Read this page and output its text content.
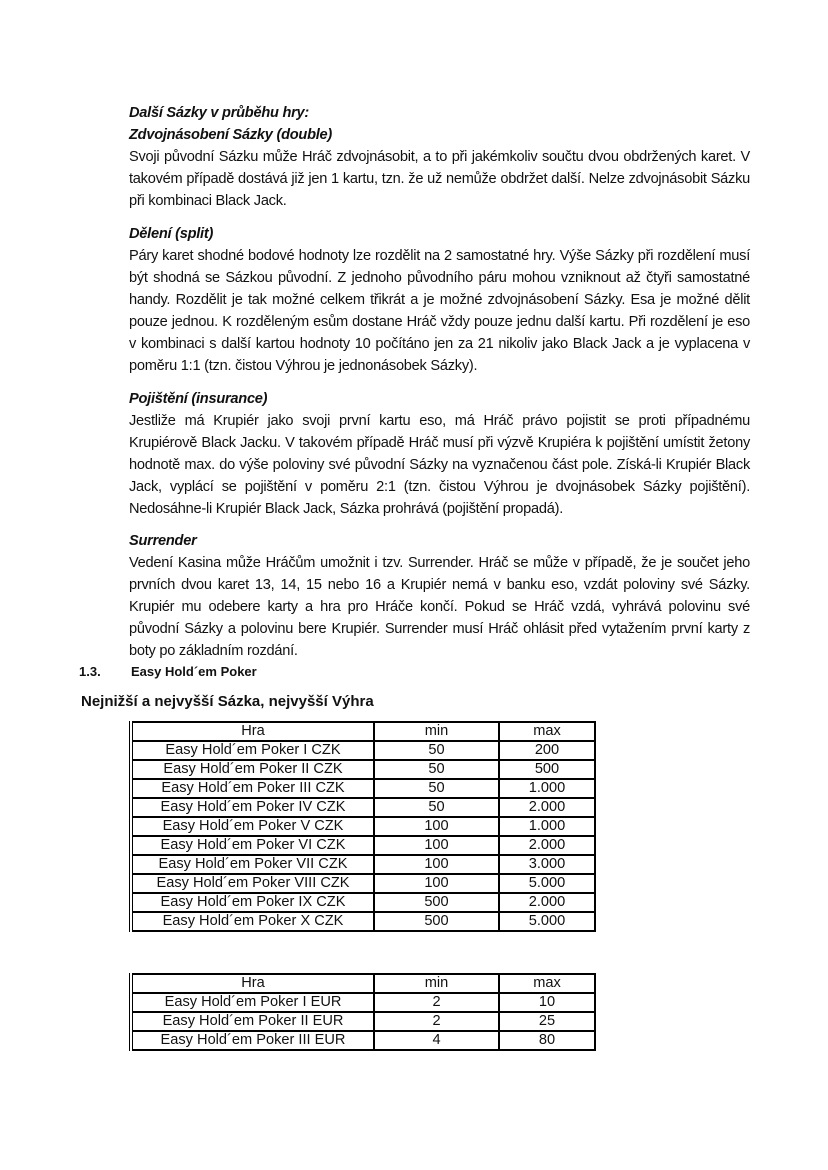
Další Sázky v průběhu hry:

Zdvojnásobení Sázky (double)

Svoji původní Sázku může Hráč zdvojnásobit, a to při jakémkoliv součtu dvou obdržených karet. V takovém případě dostává již jen 1 kartu, tzn. že už nemůže obdržet další. Nelze zdvojnásobit Sázku při kombinaci Black Jack.

Dělení (split)

Páry karet shodné bodové hodnoty lze rozdělit na 2 samostatné hry. Výše Sázky při rozdělení musí být shodná se Sázkou původní. Z jednoho původního páru mohou vzniknout až čtyři samostatné handy. Rozdělit je tak možné celkem třikrát a je možné zdvojnásobení Sázky. Esa je možné dělit pouze jednou. K rozděleným esům dostane Hráč vždy pouze jednu další kartu. Při rozdělení je eso v kombinaci s další kartou hodnoty 10 počítáno jen za 21 nikoliv jako Black Jack a je vyplacena v poměru 1:1 (tzn. čistou Výhrou je jednonásobek Sázky).

Pojištění (insurance)

Jestliže má Krupiér jako svoji první kartu eso, má Hráč právo pojistit se proti případnému Krupiérově Black Jacku. V takovém případě Hráč musí při výzvě Krupiéra k pojištění umístit žetony hodnotě max. do výše poloviny své původní Sázky na vyznačenou část pole. Získá-li Krupiér Black Jack, vyplácí se pojištění v poměru 2:1 (tzn. čistou Výhrou je dvojnásobek Sázky pojištění). Nedosáhne-li Krupiér Black Jack, Sázka prohrává (pojištění propadá).

Surrender

Vedení Kasina může Hráčům umožnit i tzv. Surrender. Hráč se může v případě, že je součet jeho prvních dvou karet 13, 14, 15 nebo 16 a Krupiér nemá v banku eso, vzdát poloviny své Sázky. Krupiér mu odebere karty a hra pro Hráče končí. Pokud se Hráč vzdá, vyhrává polovinu své původní Sázky a polovinu bere Krupiér. Surrender musí Hráč ohlásit před vytažením první karty z boty po základním rozdání.

1.3. Easy Hold´em Poker
Nejnižší a nejvyšší Sázka, nejvyšší Výhra
Hra	min	max
Easy Hold´em Poker I CZK	50	200
Easy Hold´em Poker II CZK	50	500
Easy Hold´em Poker III CZK	50	1.000
Easy Hold´em Poker IV CZK	50	2.000
Easy Hold´em Poker V CZK	100	1.000
Easy Hold´em Poker VI CZK	100	2.000
Easy Hold´em Poker VII CZK	100	3.000
Easy Hold´em Poker VIII CZK	100	5.000
Easy Hold´em Poker IX CZK	500	2.000
Easy Hold´em Poker X CZK	500	5.000
Hra	min	max
Easy Hold´em Poker I EUR	2	10
Easy Hold´em Poker II EUR	2	25
Easy Hold´em Poker III EUR	4	80
